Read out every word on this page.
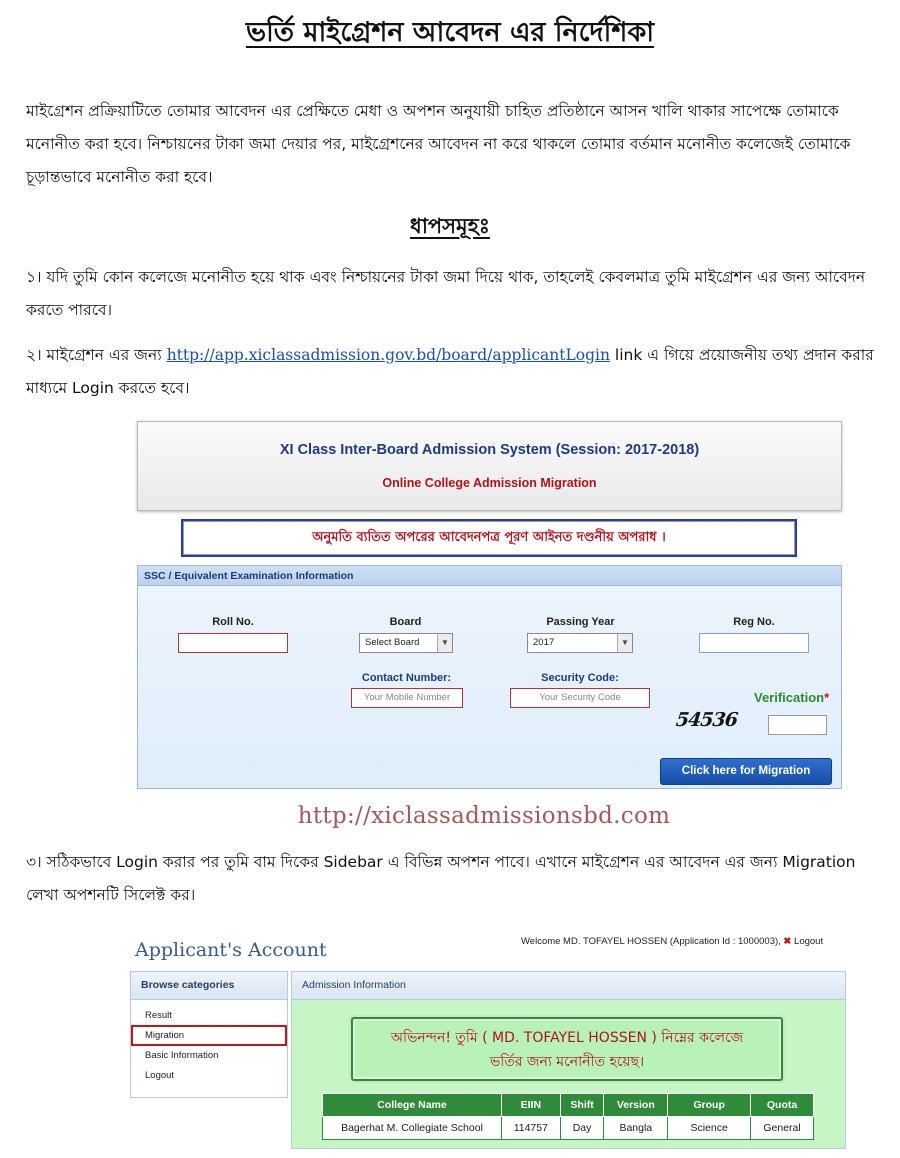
ভর্তি মাইগ্রেশন আবেদন এর নির্দেশিকা
মাইগ্রেশন প্রক্রিয়াটিতে তোমার আবেদন এর প্রেক্ষিতে মেধা ও অপশন অনুযায়ী চাহিত প্রতিষ্ঠানে আসন খালি থাকার সাপেক্ষে তোমাকে
মনোনীত করা হবে। নিশ্চায়নের টাকা জমা দেয়ার পর, মাইগ্রেশনের আবেদন না করে থাকলে তোমার বর্তমান মনোনীত কলেজেই তোমাকে
চূড়ান্তভাবে মনোনীত করা হবে।
ধাপসমূহঃ
১। যদি তুমি কোন কলেজে মনোনীত হয়ে থাক এবং নিশ্চায়নের টাকা জমা দিয়ে থাক, তাহলেই কেবলমাত্র তুমি মাইগ্রেশন এর জন্য আবেদন
করতে পারবে।
২। মাইগ্রেশন এর জন্য http://app.xiclassadmission.gov.bd/board/applicantLogin link এ গিয়ে প্রয়োজনীয় তথ্য প্রদান করার
মাধ্যমে Login করতে হবে।
XI Class Inter-Board Admission System (Session: 2017-2018)
Online College Admission Migration
অনুমতি ব্যতিত অপরের আবেদনপত্র পূরণ আইনত দণ্ডনীয় অপরাধ ।
SSC / Equivalent Examination Information
Roll No.	Board
Select Board	▼
Passing Year
2017	▼
Reg No.
Contact Number:
Your Mobile Number
Security Code:
Your Security Code	Verification*
54536
Click here for Migration
http://xiclassadmissionsbd.com
৩। সঠিকভাবে Login করার পর তুমি বাম দিকের Sidebar এ বিভিন্ন অপশন পাবে। এখানে মাইগ্রেশন এর আবেদন এর জন্য Migration
লেখা অপশনটি সিলেক্ট কর।
Applicant's Account	Welcome MD. TOFAYEL HOSSEN (Application Id : 1000003), ✖ Logout
Browse categories
Result
Migration
Basic Information
Logout
Admission Information
অভিনন্দন! তুমি ( MD. TOFAYEL HOSSEN ) নিম্নের কলেজে
ভর্তির জন্য মনোনীত হয়েছ।
College Name	EIIN	Shift	Version	Group	Quota
Bagerhat M. Collegiate School	114757	Day	Bangla	Science	General
